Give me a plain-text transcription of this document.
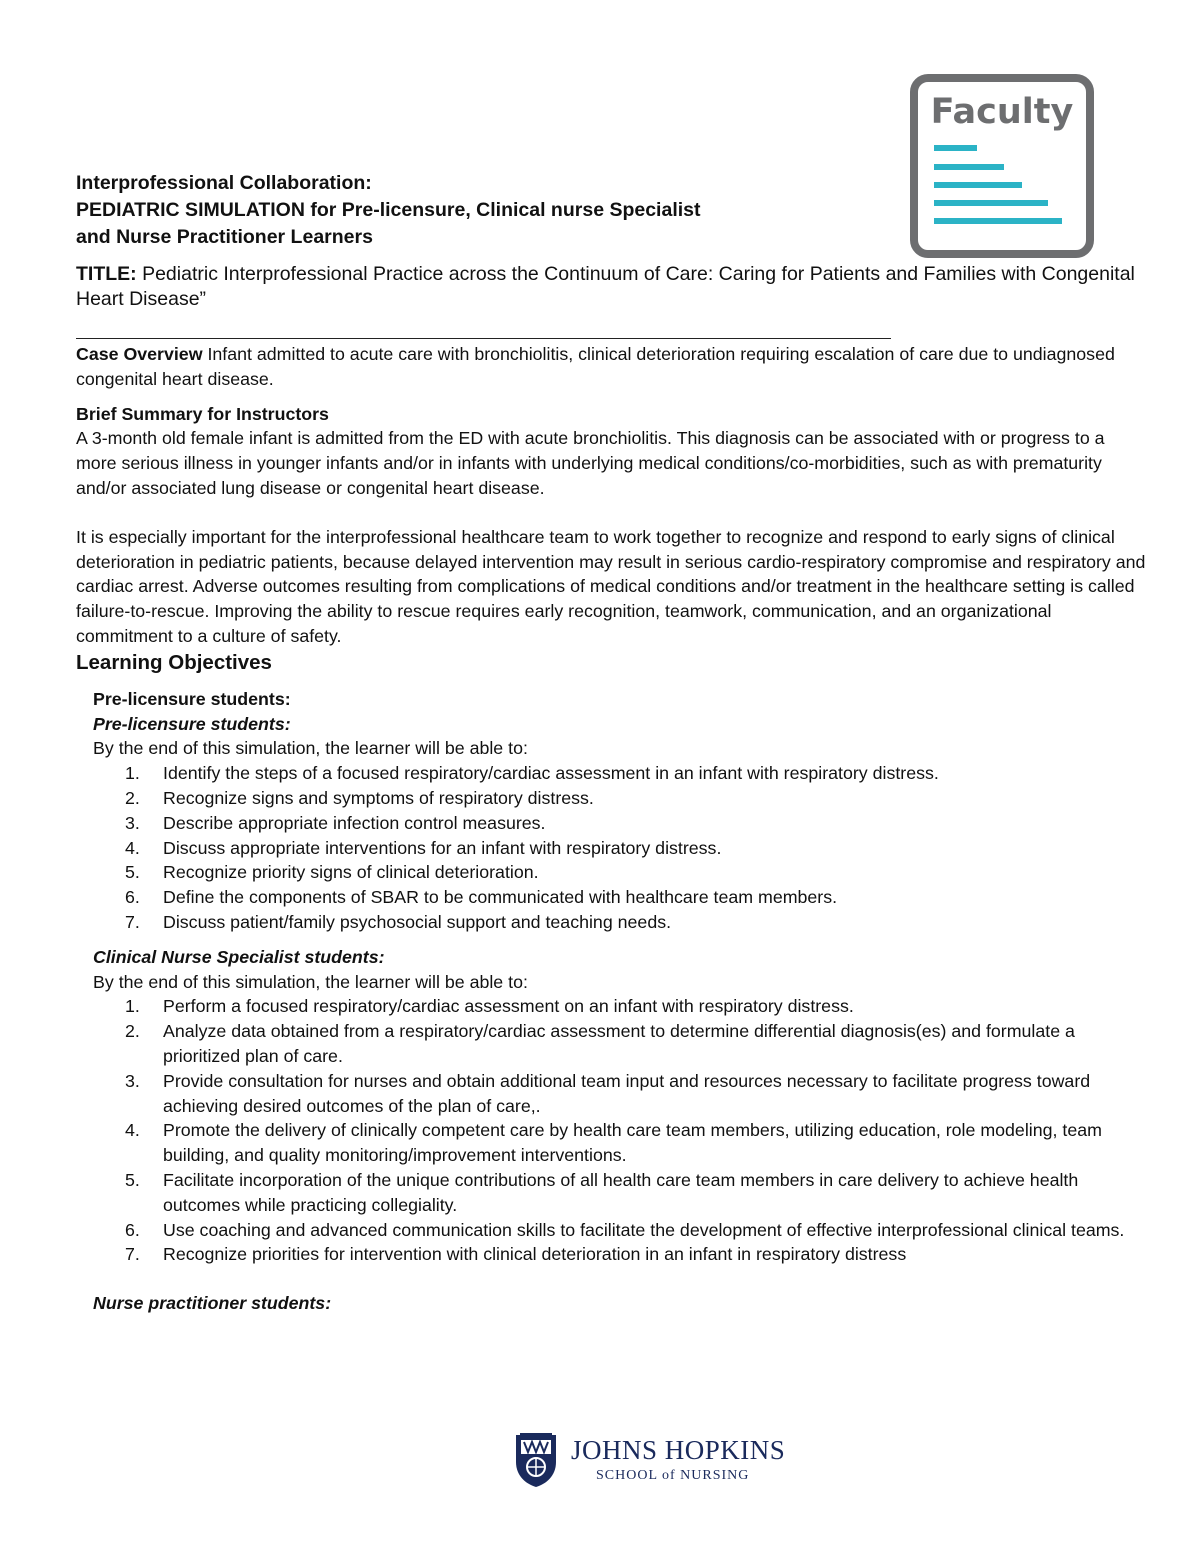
Faculty

Interprofessional Collaboration:

PEDIATRIC SIMULATION for Pre-licensure, Clinical nurse Specialist

and Nurse Practitioner Learners

TITLE: Pediatric Interprofessional Practice across the Continuum of Care: Caring for Patients and Families with Congenital Heart Disease”

Case Overview Infant admitted to acute care with bronchiolitis, clinical deterioration requiring escalation of care due to undiagnosed congenital heart disease.

Brief Summary for Instructors

A 3-month old female infant is admitted from the ED with acute bronchiolitis. This diagnosis can be associated with or progress to a more serious illness in younger infants and/or in infants with underlying medical conditions/co-morbidities, such as with prematurity and/or associated lung disease or congenital heart disease.

It is especially important for the interprofessional healthcare team to work together to recognize and respond to early signs of clinical deterioration in pediatric patients, because delayed intervention may result in serious cardio-respiratory compromise and respiratory and cardiac arrest. Adverse outcomes resulting from complications of medical conditions and/or treatment in the healthcare setting is called failure-to-rescue. Improving the ability to rescue requires early recognition, teamwork, communication, and an organizational commitment to a culture of safety.

Learning Objectives

Pre-licensure students:

Pre-licensure students:

By the end of this simulation, the learner will be able to:

1. Identify the steps of a focused respiratory/cardiac assessment in an infant with respiratory distress.
2. Recognize signs and symptoms of respiratory distress.
3. Describe appropriate infection control measures.
4. Discuss appropriate interventions for an infant with respiratory distress.
5. Recognize priority signs of clinical deterioration.
6. Define the components of SBAR to be communicated with healthcare team members.
7. Discuss patient/family psychosocial support and teaching needs.

Clinical Nurse Specialist students:

By the end of this simulation, the learner will be able to:

1. Perform a focused respiratory/cardiac assessment on an infant with respiratory distress.
2. Analyze data obtained from a respiratory/cardiac assessment to determine differential diagnosis(es) and formulate a prioritized plan of care.
3. Provide consultation for nurses and obtain additional team input and resources necessary to facilitate progress toward achieving desired outcomes of the plan of care,.
4. Promote the delivery of clinically competent care by health care team members, utilizing education, role modeling, team building, and quality monitoring/improvement interventions.
5. Facilitate incorporation of the unique contributions of all health care team members in care delivery to achieve health outcomes while practicing collegiality.
6. Use coaching and advanced communication skills to facilitate the development of effective interprofessional clinical teams.
7. Recognize priorities for intervention with clinical deterioration in an infant in respiratory distress

Nurse practitioner students:

JOHNS HOPKINS
SCHOOL of NURSING
